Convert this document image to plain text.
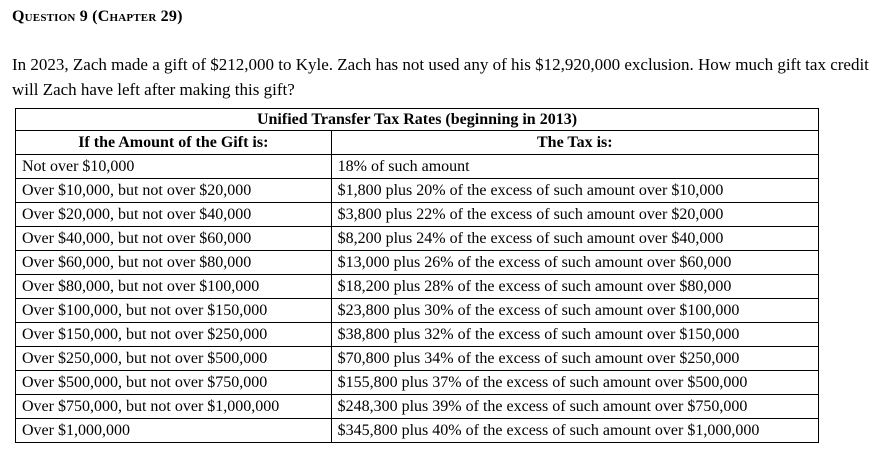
Question 9 (Chapter 29)
In 2023, Zach made a gift of $212,000 to Kyle. Zach has not used any of his $12,920,000 exclusion. How much gift tax credit will Zach have left after making this gift?
Unified Transfer Tax Rates (beginning in 2013)	
If the Amount of the Gift is:	The Tax is:
Not over $10,000	18% of such amount
Over $10,000, but not over $20,000	$1,800 plus 20% of the excess of such amount over $10,000
Over $20,000, but not over $40,000	$3,800 plus 22% of the excess of such amount over $20,000
Over $40,000, but not over $60,000	$8,200 plus 24% of the excess of such amount over $40,000
Over $60,000, but not over $80,000	$13,000 plus 26% of the excess of such amount over $60,000
Over $80,000, but not over $100,000	$18,200 plus 28% of the excess of such amount over $80,000
Over $100,000, but not over $150,000	$23,800 plus 30% of the excess of such amount over $100,000
Over $150,000, but not over $250,000	$38,800 plus 32% of the excess of such amount over $150,000
Over $250,000, but not over $500,000	$70,800 plus 34% of the excess of such amount over $250,000
Over $500,000, but not over $750,000	$155,800 plus 37% of the excess of such amount over $500,000
Over $750,000, but not over $1,000,000	$248,300 plus 39% of the excess of such amount over $750,000
Over $1,000,000	$345,800 plus 40% of the excess of such amount over $1,000,000
